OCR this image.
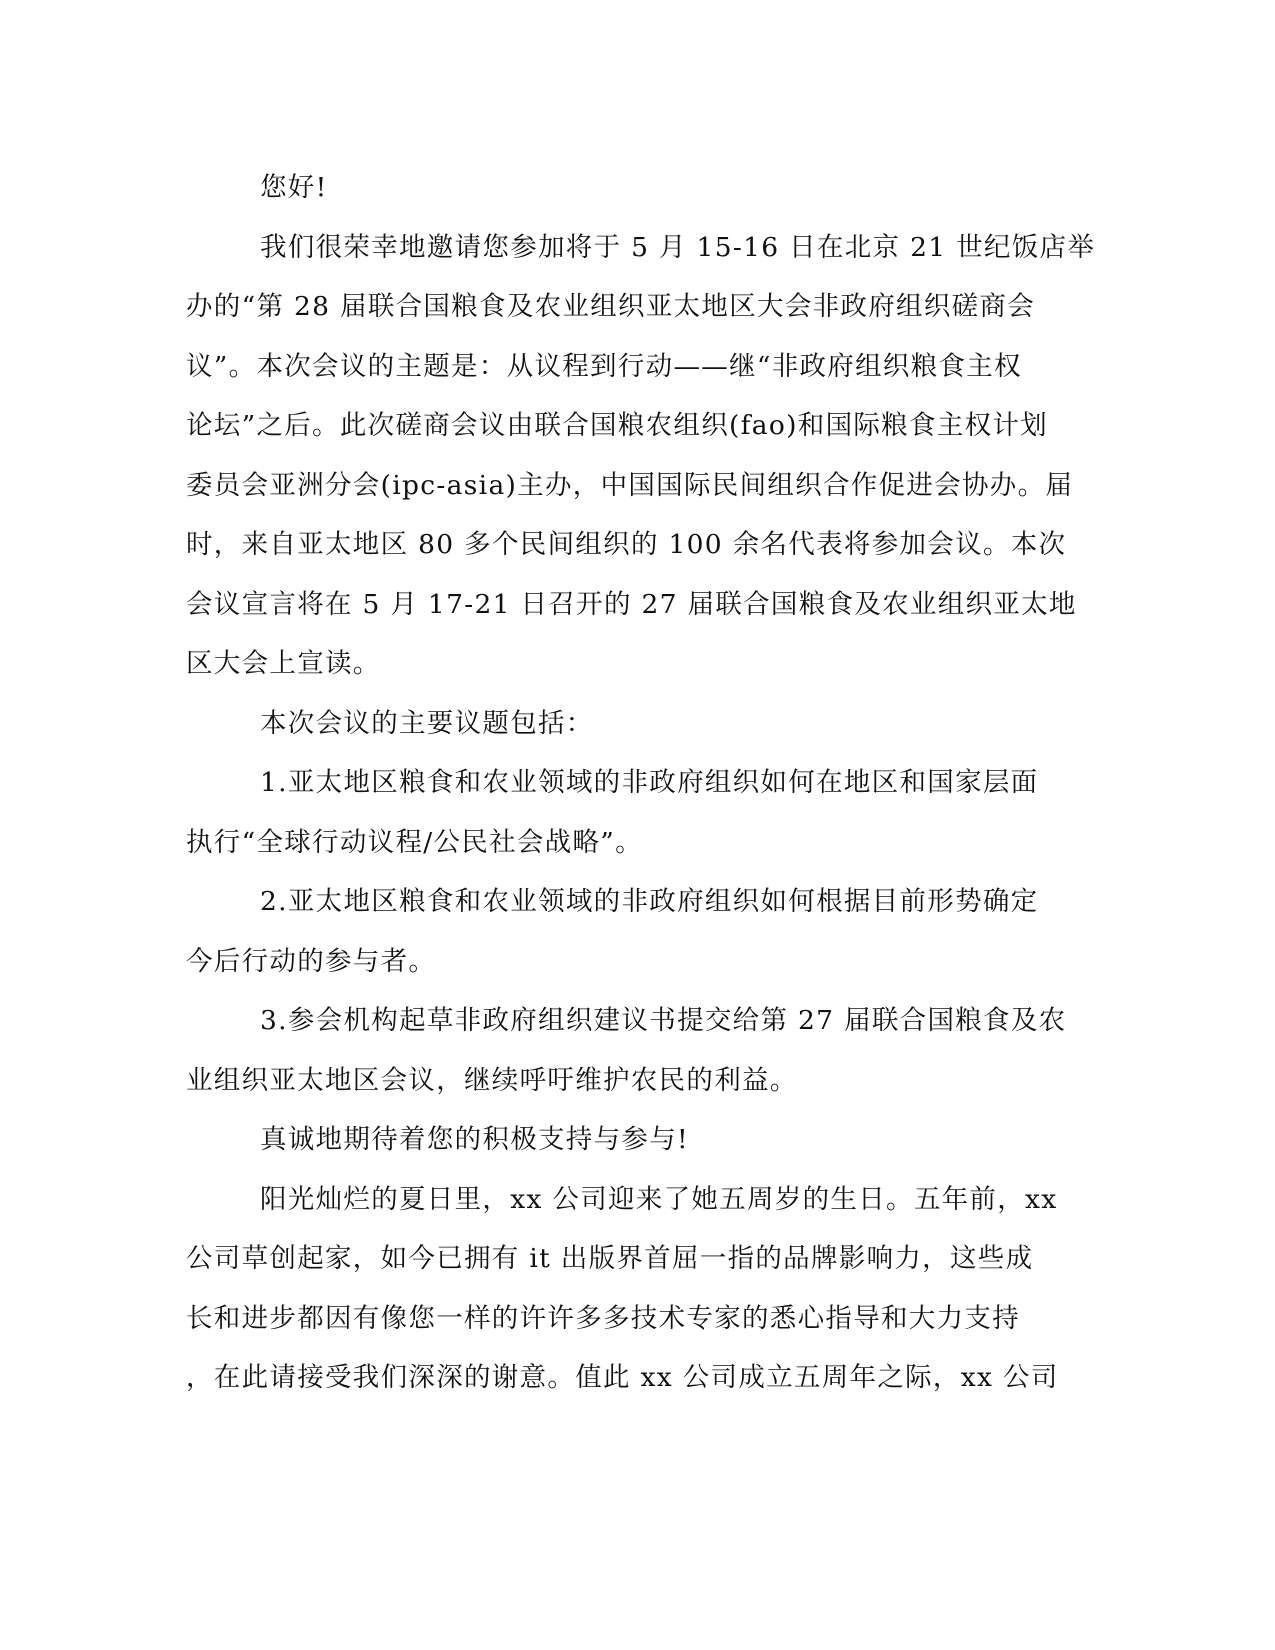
您好!
我们很荣幸地邀请您参加将于 5 月 15-16 日在北京 21 世纪饭店举
办的“第 28 届联合国粮食及农业组织亚太地区大会非政府组织磋商会
议”。本次会议的主题是：从议程到行动——继“非政府组织粮食主权
论坛”之后。此次磋商会议由联合国粮农组织(fao)和国际粮食主权计划
委员会亚洲分会(ipc-asia)主办，中国国际民间组织合作促进会协办。届
时，来自亚太地区 80 多个民间组织的 100 余名代表将参加会议。本次
会议宣言将在 5 月 17-21 日召开的 27 届联合国粮食及农业组织亚太地
区大会上宣读。
本次会议的主要议题包括：
1.亚太地区粮食和农业领域的非政府组织如何在地区和国家层面
执行“全球行动议程/公民社会战略”。
2.亚太地区粮食和农业领域的非政府组织如何根据目前形势确定
今后行动的参与者。
3.参会机构起草非政府组织建议书提交给第 27 届联合国粮食及农
业组织亚太地区会议，继续呼吁维护农民的利益。
真诚地期待着您的积极支持与参与!
阳光灿烂的夏日里，xx 公司迎来了她五周岁的生日。五年前，xx
公司草创起家，如今已拥有 it 出版界首屈一指的品牌影响力，这些成
长和进步都因有像您一样的许许多多技术专家的悉心指导和大力支持
，在此请接受我们深深的谢意。值此 xx 公司成立五周年之际，xx 公司
